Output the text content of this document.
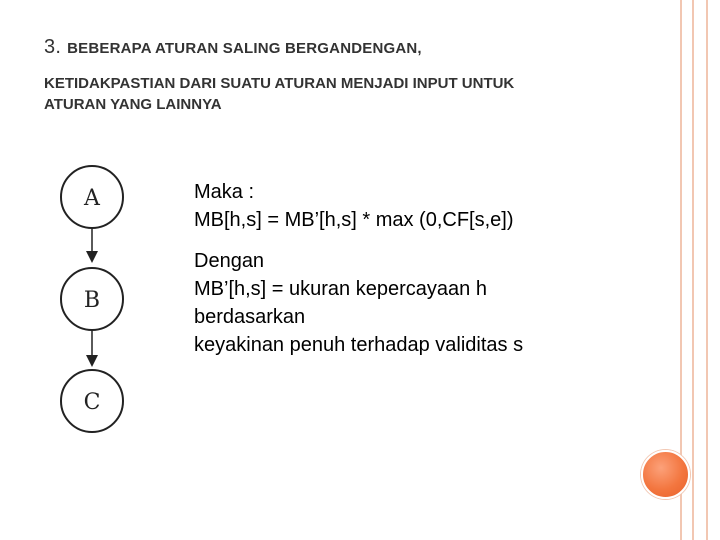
3. BEBERAPA ATURAN SALING BERGANDENGAN,
KETIDAKPASTIAN DARI SUATU ATURAN MENJADI INPUT UNTUK
ATURAN YANG LAINNYA
A
B
C
Maka :
MB[h,s] = MB’[h,s] * max (0,CF[s,e])
Dengan
MB’[h,s] = ukuran kepercayaan h
berdasarkan
keyakinan penuh terhadap validitas s
